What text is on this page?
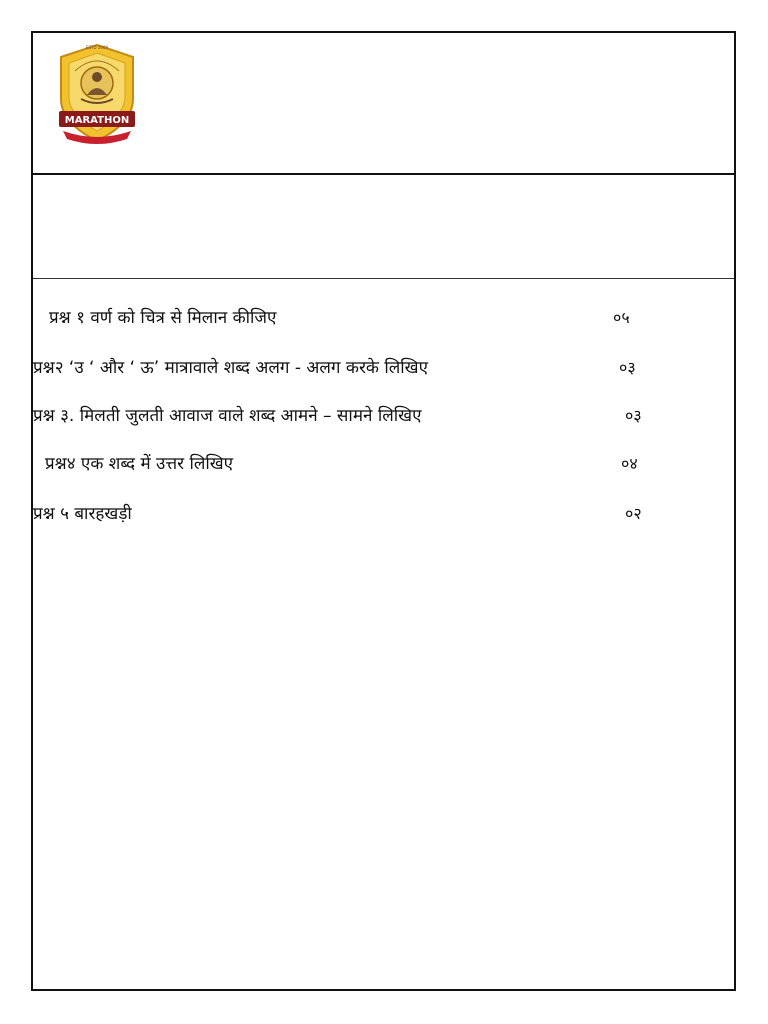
ESTD 2009
MARATHON
प्रश्न १ वर्ण को चित्र से मिलान कीजिए	०५
प्रश्न२ ‘उ ‘ और ‘ ऊ’ मात्रावाले शब्द अलग - अलग करके लिखिए	०३
प्रश्न ३. मिलती जुलती आवाज वाले शब्द आमने – सामने लिखिए	०३
प्रश्न४ एक शब्द में उत्तर लिखिए	०४
प्रश्न ५ बारहखड़ी	०२
